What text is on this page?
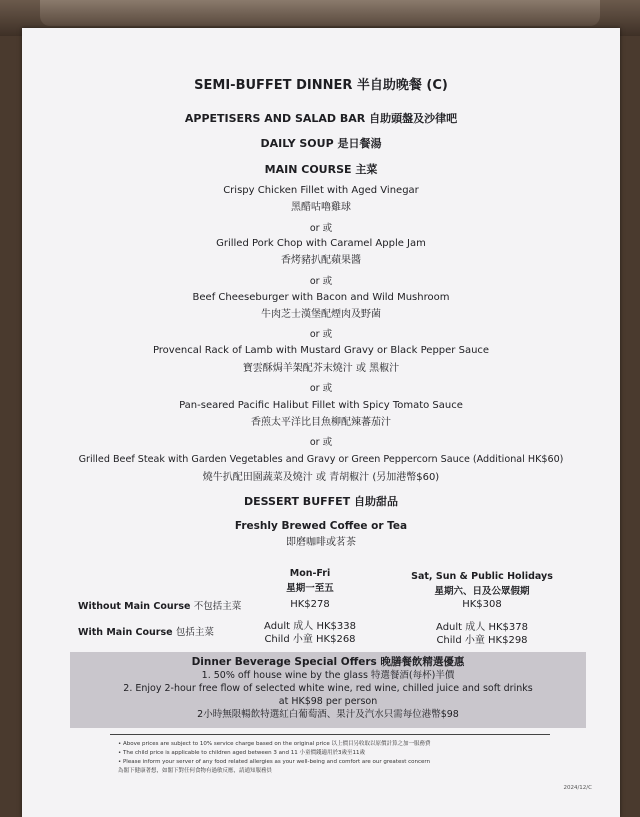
SEMI-BUFFET DINNER 半自助晚餐 (C)
APPETISERS AND SALAD BAR 自助頭盤及沙律吧
DAILY SOUP 是日餐湯
MAIN COURSE 主菜
Crispy Chicken Fillet with Aged Vinegar
黑醋咕嚕雞球
or 或
Grilled Pork Chop with Caramel Apple Jam
香烤豬扒配蘋果醬
or 或
Beef Cheeseburger with Bacon and Wild Mushroom
牛肉芝士漢堡配煙肉及野菌
or 或
Provencal Rack of Lamb with Mustard Gravy or Black Pepper Sauce
寶雲酥焗羊架配芥末燒汁 或 黑椒汁
or 或
Pan-seared Pacific Halibut Fillet with Spicy Tomato Sauce
香煎太平洋比目魚柳配辣蕃茄汁
or 或
Grilled Beef Steak with Garden Vegetables and Gravy or Green Peppercorn Sauce (Additional HK$60)
燒牛扒配田園蔬菜及燒汁 或 青胡椒汁 (另加港幣$60)
DESSERT BUFFET 自助甜品
Freshly Brewed Coffee or Tea
即磨咖啡或茗茶
Mon-Fri
星期一至五
Sat, Sun & Public Holidays
星期六、日及公眾假期
Without Main Course 不包括主菜	HK$278	HK$308
With Main Course 包括主菜
Adult 成人 HK$338
Child 小童 HK$268
Adult 成人 HK$378
Child 小童 HK$298
Dinner Beverage Special Offers 晚膳餐飲精選優惠
1. 50% off house wine by the glass 特選餐酒(每杯)半價
2. Enjoy 2-hour free flow of selected white wine, red wine, chilled juice and soft drinks
at HK$98 per person
2小時無限暢飲特選紅白葡萄酒、果汁及汽水只需每位港幣$98
• Above prices are subject to 10% service charge based on the original price 以上價目另收取以原價計算之加一服務費
• The child price is applicable to children aged between 3 and 11 小童價錢適用於3歲至11歲
• Please inform your server of any food related allergies as your well-being and comfort are our greatest concern
為閣下健康著想，如閣下對任何食物有過敏反應，請通知服務員
2024/12/C
